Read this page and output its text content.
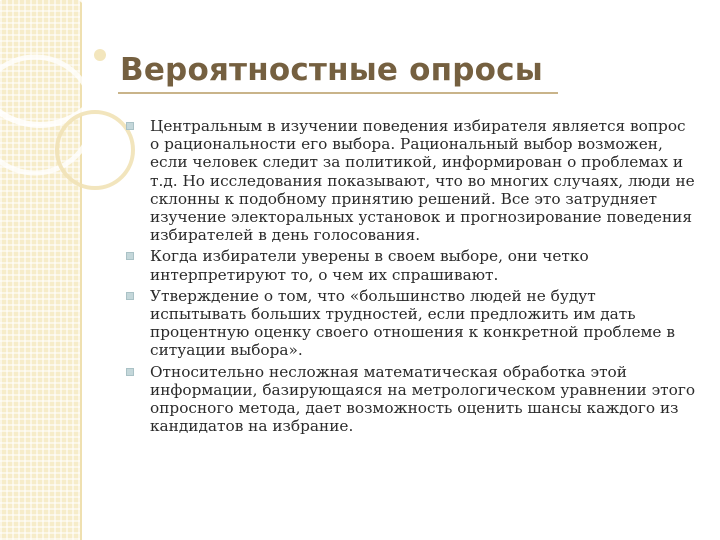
Вероятностные опросы
Центральным в изучении поведения избирателя является вопрос о рациональности его выбора. Рациональный выбор возможен, если человек следит за политикой, информирован о проблемах и т.д. Но исследования показывают, что во многих случаях, люди не склонны к подобному принятию решений. Все это затрудняет изучение электоральных установок и прогнозирование поведения избирателей в день голосования.
Когда избиратели уверены в своем выборе, они четко интерпретируют то, о чем их спрашивают.
Утверждение о том, что «большинство людей не будут испытывать больших трудностей, если предложить им дать процентную оценку своего отношения к конкретной проблеме в ситуации выбора».
Относительно несложная математическая обработка этой информации, базирующаяся на метрологическом уравнении этого опросного метода, дает возможность оценить шансы каждого из кандидатов на избрание.
